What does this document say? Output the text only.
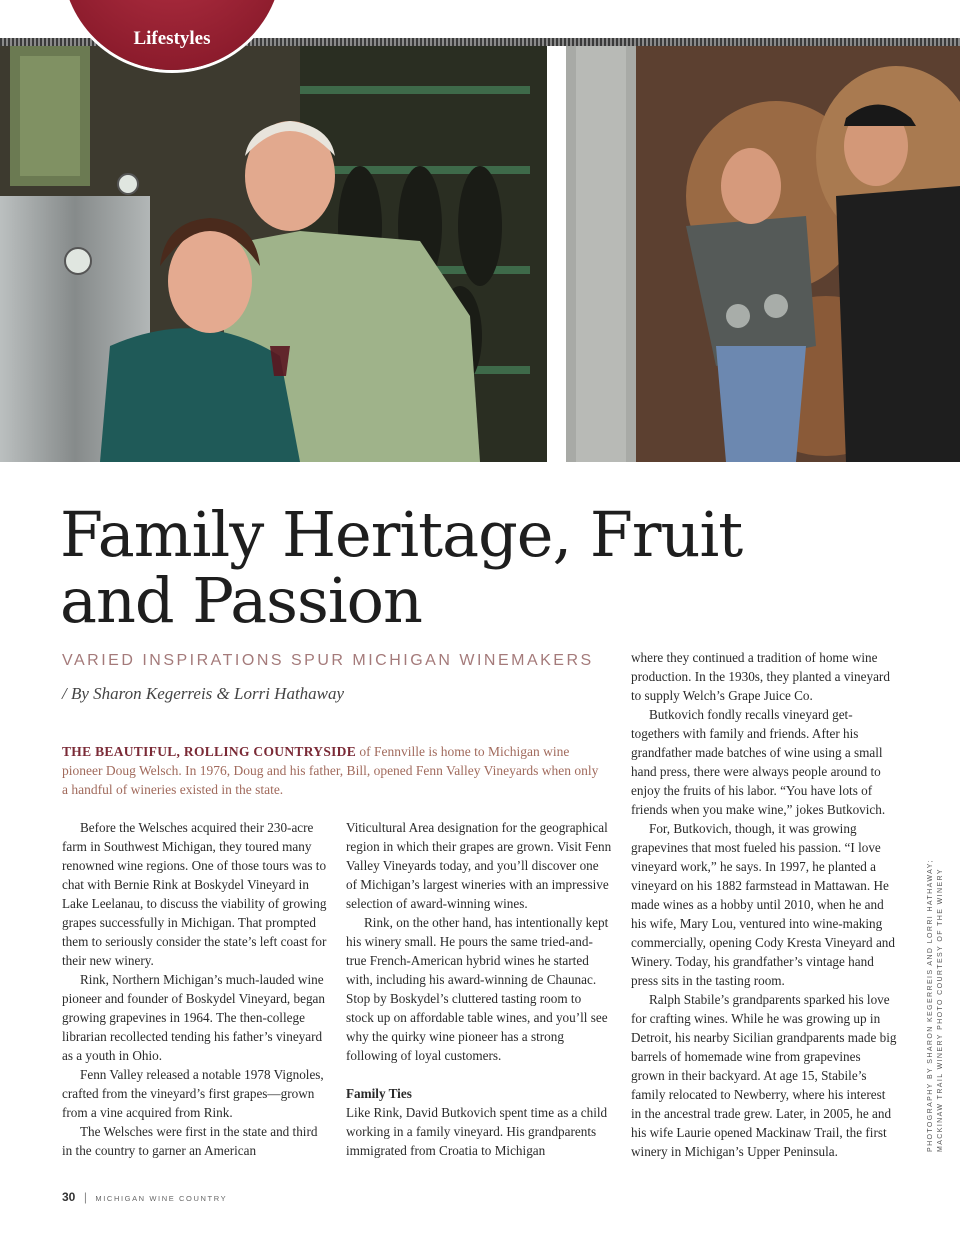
Lifestyles
Family Heritage, Fruit
and Passion
VARIED INSPIRATIONS SPUR MICHIGAN WINEMAKERS
/ By Sharon Kegerreis & Lorri Hathaway
THE BEAUTIFUL, ROLLING COUNTRYSIDE of Fennville is home to Michigan wine pioneer Doug Welsch. In 1976, Doug and his father, Bill, opened Fenn Valley Vineyards when only a handful of wineries existed in the state.

Before the Welsches acquired their 230-acre farm in Southwest Michigan, they toured many renowned wine regions. One of those tours was to chat with Bernie Rink at Boskydel Vineyard in Lake Leelanau, to discuss the viability of growing grapes successfully in Michigan. That prompted them to seriously consider the state’s left coast for their new winery.

Rink, Northern Michigan’s much-lauded wine pioneer and founder of Boskydel Vineyard, began growing grapevines in 1964. The then-college librarian recollected tending his father’s vineyard as a youth in Ohio.

Fenn Valley released a notable 1978 Vignoles, crafted from the vineyard’s first grapes—grown from a vine acquired from Rink.

The Welsches were first in the state and third in the country to garner an American

Viticultural Area designation for the geographical region in which their grapes are grown. Visit Fenn Valley Vineyards today, and you’ll discover one of Michigan’s largest wineries with an impressive selection of award-winning wines.

Rink, on the other hand, has intentionally kept his winery small. He pours the same tried-and-true French-American hybrid wines he started with, including his award-winning de Chaunac. Stop by Boskydel’s cluttered tasting room to stock up on affordable table wines, and you’ll see why the quirky wine pioneer has a strong following of loyal customers.

Family Ties

Like Rink, David Butkovich spent time as a child working in a family vineyard. His grandparents immigrated from Croatia to Michigan

where they continued a tradition of home wine production. In the 1930s, they planted a vineyard to supply Welch’s Grape Juice Co.

Butkovich fondly recalls vineyard get-togethers with family and friends. After his grandfather made batches of wine using a small hand press, there were always people around to enjoy the fruits of his labor. “You have lots of friends when you make wine,” jokes Butkovich.

For, Butkovich, though, it was growing grapevines that most fueled his passion. “I love vineyard work,” he says. In 1997, he planted a vineyard on his 1882 farmstead in Mattawan. He made wines as a hobby until 2010, when he and his wife, Mary Lou, ventured into wine-making commercially, opening Cody Kresta Vineyard and Winery. Today, his grandfather’s vintage hand press sits in the tasting room.

Ralph Stabile’s grandparents sparked his love for crafting wines. While he was growing up in Detroit, his nearby Sicilian grandparents made big barrels of homemade wine from grapevines grown in their backyard. At age 15, Stabile’s family relocated to Newberry, where his interest in the ancestral trade grew. Later, in 2005, he and his wife Laurie opened Mackinaw Trail, the first winery in Michigan’s Upper Peninsula.	PHOTOGRAPHY BY SHARON KEGERREIS AND LORRI HATHAWAY; MACKINAW TRAIL WINERY PHOTO COURTESY OF THE WINERY
30 | MICHIGAN WINE COUNTRY
